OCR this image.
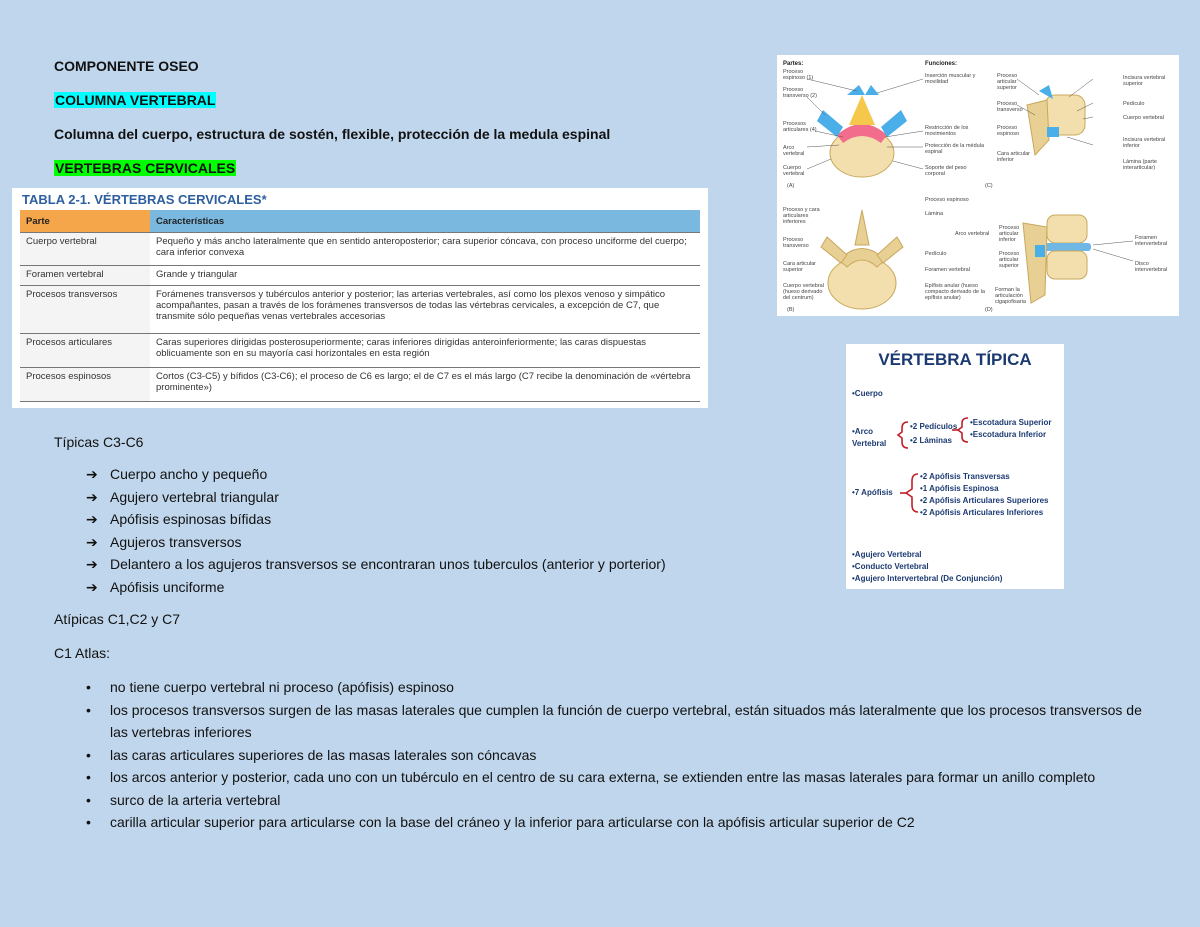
COMPONENTE OSEO
COLUMNA VERTEBRAL
Columna del cuerpo, estructura de sostén, flexible, protección de la medula espinal
VERTEBRAS CERVICALES
TABLA 2-1. VÉRTEBRAS CERVICALES*
Parte	Características
Cuerpo vertebral	Pequeño y más ancho lateralmente que en sentido anteroposterior; cara superior cóncava, con proceso unciforme del cuerpo; cara inferior convexa
Foramen vertebral	Grande y triangular
Procesos transversos	Forámenes transversos y tubérculos anterior y posterior; las arterias vertebrales, así como los plexos venoso y simpático acompañantes, pasan a través de los forámenes transversos de todas las vértebras cervicales, a excepción de C7, que transmite sólo pequeñas venas vertebrales accesorias
Procesos articulares	Caras superiores dirigidas posterosuperiormente; caras inferiores dirigidas anteroinferiormente; las caras dispuestas oblicuamente son en su mayoría casi horizontales en esta región
Procesos espinosos	Cortos (C3-C5) y bífidos (C3-C6); el proceso de C6 es largo; el de C7 es el más largo (C7 recibe la denominación de «vértebra prominente»)
Partes:	Funciones:
Proceso espinoso (1)
Proceso transverso (2)
Procesos articulares (4)
Arco vertebral
Cuerpo vertebral
Inserción muscular y movilidad
Restricción de los movimientos
Protección de la médula espinal
Soporte del peso corporal
Proceso y cara articulares inferiores
Proceso transverso
Cara articular superior
Cuerpo vertebral (hueso derivado del centrum)
Proceso espinoso
Lámina
Arco vertebral
Pedículo
Foramen vertebral
Epífisis anular (hueso compacto derivado de la epífisis anular)
Proceso articular superior
Proceso transverso
Proceso espinoso
Cara articular inferior
Incisura vertebral superior
Pedículo
Cuerpo vertebral
Incisura vertebral inferior
Lámina (parte interarticular)
Proceso articular inferior
Proceso articular superior
Forman la articulación cigapofisaria
Foramen intervertebral
Disco intervertebral
(A)
(B)
(C)
(D)
VÉRTEBRA TÍPICA
•Cuerpo
•Arco
Vertebral
•2 Pedículos
•2 Láminas
•Escotadura Superior
•Escotadura Inferior
•7 Apófisis
•2 Apófisis Transversas
•1 Apófisis Espinosa
•2 Apófisis Articulares Superiores
•2 Apófisis Articulares Inferiores
•Agujero Vertebral
•Conducto Vertebral
•Agujero Intervertebral (De Conjunción)
Típicas C3-C6
➔ Cuerpo ancho y pequeño
➔ Agujero vertebral triangular
➔ Apófisis espinosas bífidas
➔ Agujeros transversos
➔ Delantero a los agujeros transversos se encontraran unos tuberculos (anterior y porterior)
➔ Apófisis unciforme
Atípicas C1,C2 y C7
C1 Atlas:
• no tiene cuerpo vertebral ni proceso (apófisis) espinoso
• los procesos transversos surgen de las masas laterales que cumplen la función de cuerpo vertebral, están situados más lateralmente que los procesos transversos de las vertebras inferiores
• las caras articulares superiores de las masas laterales son cóncavas
• los arcos anterior y posterior, cada uno con un tubérculo en el centro de su cara externa, se extienden entre las masas laterales para formar un anillo completo
• surco de la arteria vertebral
• carilla articular superior para articularse con la base del cráneo y la inferior para articularse con la apófisis articular superior de C2
